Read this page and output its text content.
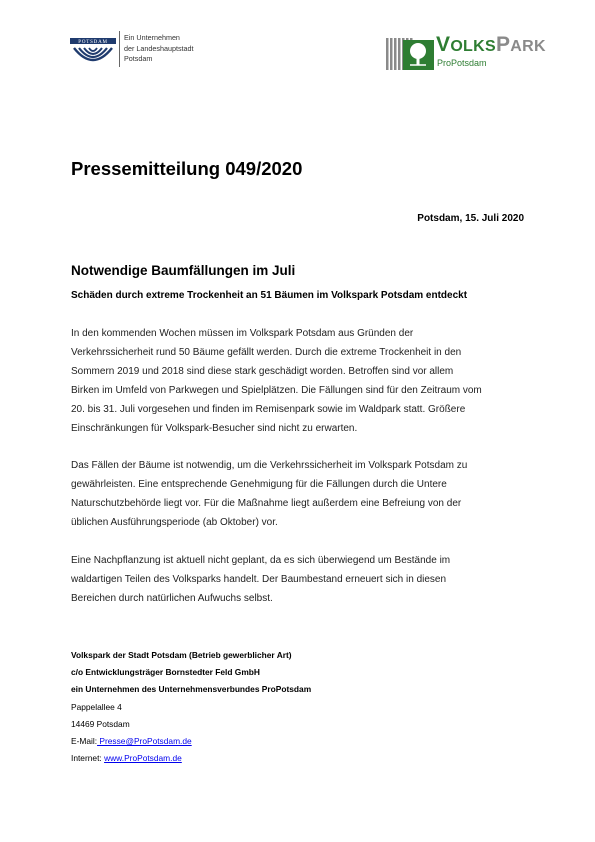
POTSDAM
Ein Unternehmen
der Landeshauptstadt
Potsdam
VOLKSPARK
ProPotsdam
Pressemitteilung 049/2020
Potsdam, 15. Juli 2020
Notwendige Baumfällungen im Juli
Schäden durch extreme Trockenheit an 51 Bäumen im Volkspark Potsdam entdeckt
In den kommenden Wochen müssen im Volkspark Potsdam aus Gründen der
Verkehrssicherheit rund 50 Bäume gefällt werden. Durch die extreme Trockenheit in den
Sommern 2019 und 2018 sind diese stark geschädigt worden. Betroffen sind vor allem
Birken im Umfeld von Parkwegen und Spielplätzen. Die Fällungen sind für den Zeitraum vom
20. bis 31. Juli vorgesehen und finden im Remisenpark sowie im Waldpark statt. Größere
Einschränkungen für Volkspark-Besucher sind nicht zu erwarten.
Das Fällen der Bäume ist notwendig, um die Verkehrssicherheit im Volkspark Potsdam zu
gewährleisten. Eine entsprechende Genehmigung für die Fällungen durch die Untere
Naturschutzbehörde liegt vor. Für die Maßnahme liegt außerdem eine Befreiung von der
üblichen Ausführungsperiode (ab Oktober) vor.
Eine Nachpflanzung ist aktuell nicht geplant, da es sich überwiegend um Bestände im
waldartigen Teilen des Volksparks handelt. Der Baumbestand erneuert sich in diesen
Bereichen durch natürlichen Aufwuchs selbst.
Volkspark der Stadt Potsdam (Betrieb gewerblicher Art)
c/o Entwicklungsträger Bornstedter Feld GmbH
ein Unternehmen des Unternehmensverbundes ProPotsdam
Pappelallee 4
14469 Potsdam
E-Mail: Presse@ProPotsdam.de
Internet: www.ProPotsdam.de
